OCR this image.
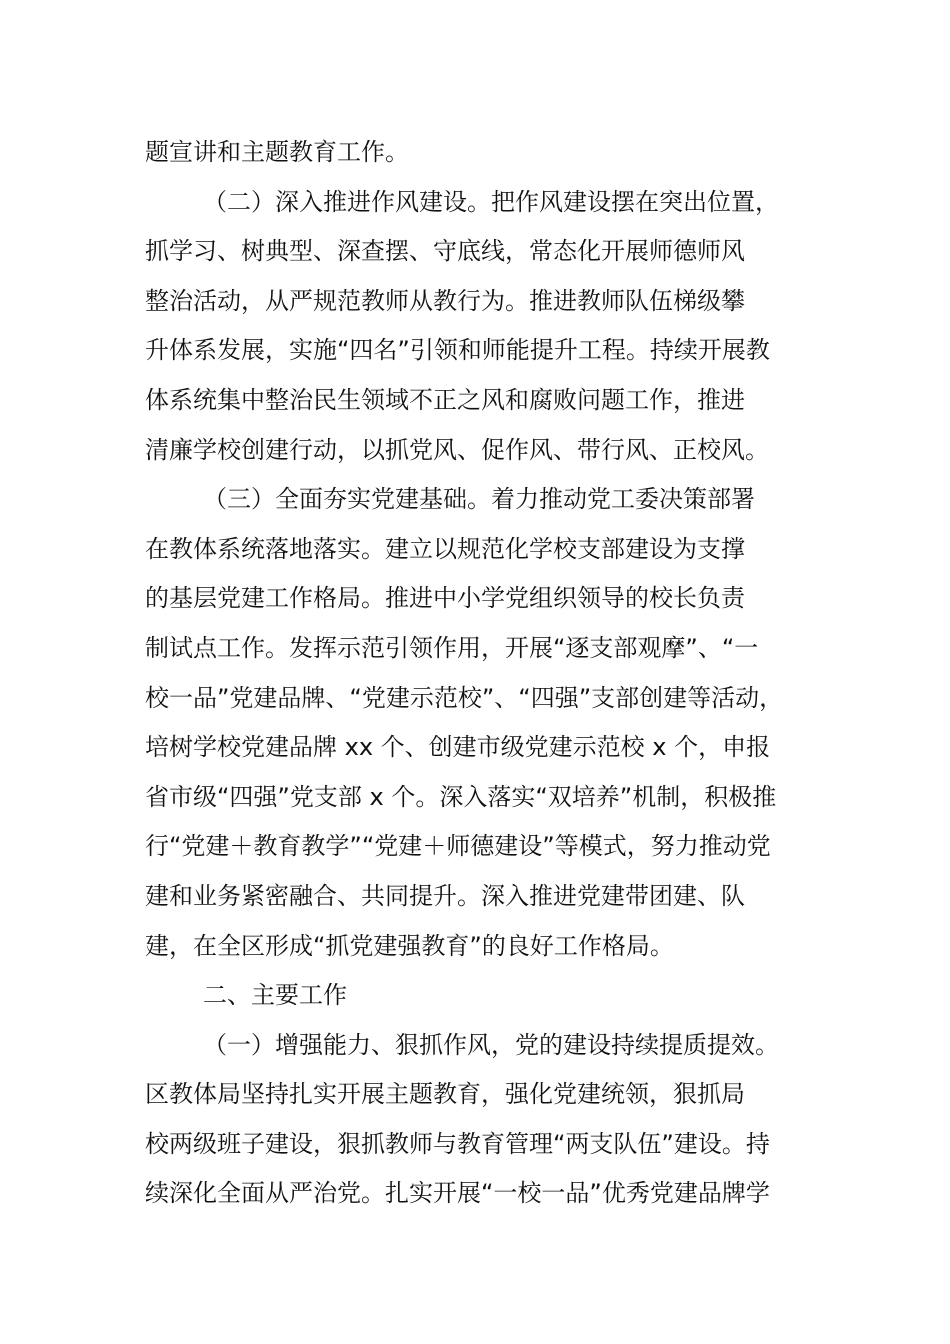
题宣讲和主题教育工作。
（二）深入推进作风建设。把作风建设摆在突出位置，
抓学习、树典型、深查摆、守底线，常态化开展师德师风
整治活动，从严规范教师从教行为。推进教师队伍梯级攀
升体系发展，实施“四名”引领和师能提升工程。持续开展教
体系统集中整治民生领域不正之风和腐败问题工作，推进
清廉学校创建行动，以抓党风、促作风、带行风、正校风。
（三）全面夯实党建基础。着力推动党工委决策部署
在教体系统落地落实。建立以规范化学校支部建设为支撑
的基层党建工作格局。推进中小学党组织领导的校长负责
制试点工作。发挥示范引领作用，开展“逐支部观摩”、“一
校一品”党建品牌、“党建示范校”、“四强”支部创建等活动，
培树学校党建品牌 xx 个、创建市级党建示范校 x 个，申报
省市级“四强”党支部 x 个。深入落实“双培养”机制，积极推
行“党建＋教育教学”“党建＋师德建设”等模式，努力推动党
建和业务紧密融合、共同提升。深入推进党建带团建、队
建，在全区形成“抓党建强教育”的良好工作格局。
二、主要工作
（一）增强能力、狠抓作风，党的建设持续提质提效。
区教体局坚持扎实开展主题教育，强化党建统领，狠抓局
校两级班子建设，狠抓教师与教育管理“两支队伍”建设。持
续深化全面从严治党。扎实开展“一校一品”优秀党建品牌学
